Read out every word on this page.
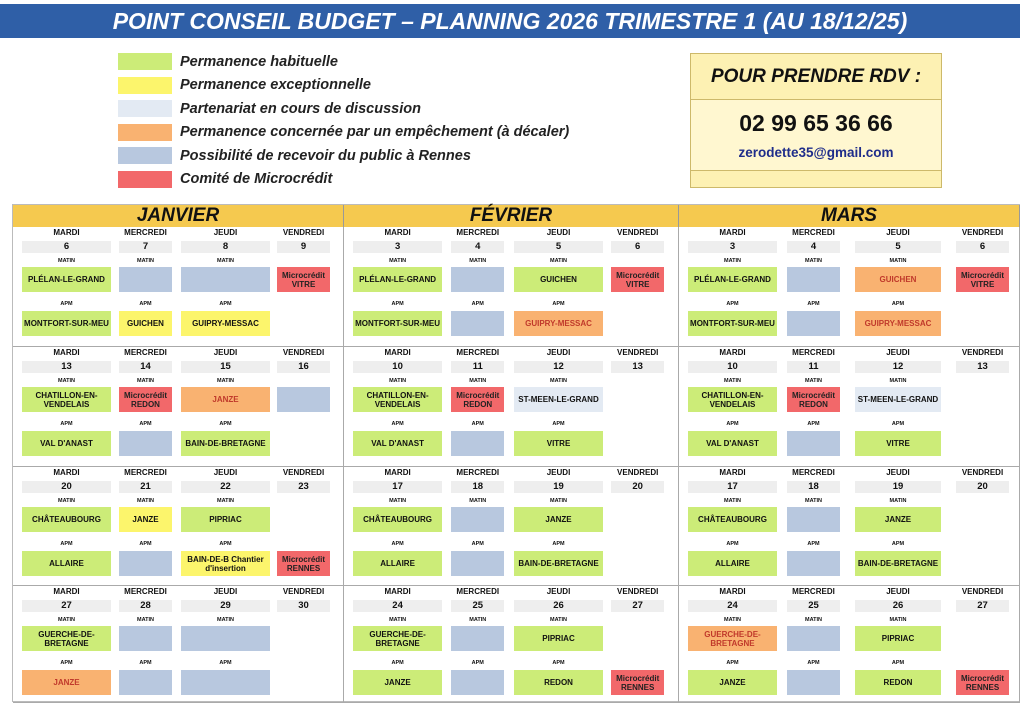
POINT CONSEIL BUDGET – PLANNING 2026 TRIMESTRE 1 (AU 18/12/25)
Permanence habituelle
Permanence exceptionnelle
Partenariat en cours de discussion
Permanence concernée par un empêchement (à décaler)
Possibilité de recevoir du public à Rennes
Comité de Microcrédit
POUR PRENDRE RDV :
02 99 65 36 66
zerodette35@gmail.com
JANVIER
MARDI
6
MATIN
APM
PLÉLAN-LE-GRAND
MONTFORT-SUR-MEU
MERCREDI
7
MATIN
APM
GUICHEN
JEUDI
8
MATIN
APM
GUIPRY-MESSAC
VENDREDI
9
Microcrédit VITRE
MARDI
13
MATIN
APM
CHATILLON-EN-VENDELAIS
VAL D'ANAST
MERCREDI
14
MATIN
APM
Microcrédit REDON
JEUDI
15
MATIN
APM
JANZE
BAIN-DE-BRETAGNE
VENDREDI
16
MARDI
20
MATIN
APM
CHÂTEAUBOURG
ALLAIRE
MERCREDI
21
MATIN
APM
JANZE
JEUDI
22
MATIN
APM
PIPRIAC
BAIN-DE-B Chantier d'insertion
VENDREDI
23
Microcrédit RENNES
MARDI
27
MATIN
APM
GUERCHE-DE-BRETAGNE
JANZE
MERCREDI
28
MATIN
APM
JEUDI
29
MATIN
APM
VENDREDI
30
FÉVRIER
MARDI
3
MATIN
APM
PLÉLAN-LE-GRAND
MONTFORT-SUR-MEU
MERCREDI
4
MATIN
APM
JEUDI
5
MATIN
APM
GUICHEN
GUIPRY-MESSAC
VENDREDI
6
Microcrédit VITRE
MARDI
10
MATIN
APM
CHATILLON-EN-VENDELAIS
VAL D'ANAST
MERCREDI
11
MATIN
APM
Microcrédit REDON
JEUDI
12
MATIN
APM
ST-MEEN-LE-GRAND
VITRE
VENDREDI
13
MARDI
17
MATIN
APM
CHÂTEAUBOURG
ALLAIRE
MERCREDI
18
MATIN
APM
JEUDI
19
MATIN
APM
JANZE
BAIN-DE-BRETAGNE
VENDREDI
20
MARDI
24
MATIN
APM
GUERCHE-DE-BRETAGNE
JANZE
MERCREDI
25
MATIN
APM
JEUDI
26
MATIN
APM
PIPRIAC
REDON
VENDREDI
27
Microcrédit RENNES
MARS
MARDI
3
MATIN
APM
PLÉLAN-LE-GRAND
MONTFORT-SUR-MEU
MERCREDI
4
MATIN
APM
JEUDI
5
MATIN
APM
GUICHEN
GUIPRY-MESSAC
VENDREDI
6
Microcrédit VITRE
MARDI
10
MATIN
APM
CHATILLON-EN-VENDELAIS
VAL D'ANAST
MERCREDI
11
MATIN
APM
Microcrédit REDON
JEUDI
12
MATIN
APM
ST-MEEN-LE-GRAND
VITRE
VENDREDI
13
MARDI
17
MATIN
APM
CHÂTEAUBOURG
ALLAIRE
MERCREDI
18
MATIN
APM
JEUDI
19
MATIN
APM
JANZE
BAIN-DE-BRETAGNE
VENDREDI
20
MARDI
24
MATIN
APM
GUERCHE-DE-BRETAGNE
JANZE
MERCREDI
25
MATIN
APM
JEUDI
26
MATIN
APM
PIPRIAC
REDON
VENDREDI
27
Microcrédit RENNES
